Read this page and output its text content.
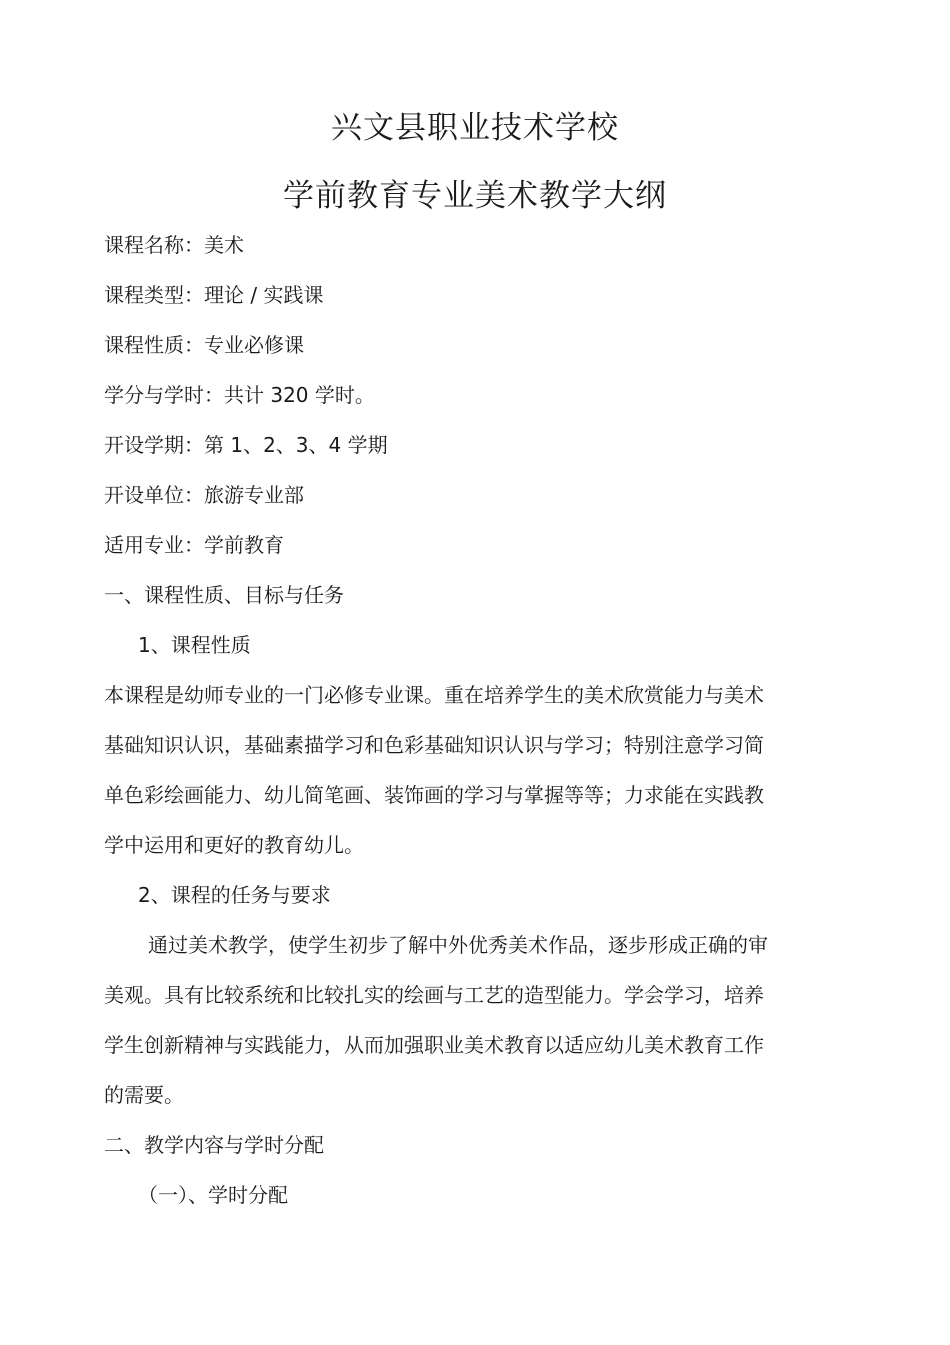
兴文县职业技术学校
学前教育专业美术教学大纲
课程名称：美术
课程类型：理论 / 实践课
课程性质：专业必修课
学分与学时：共计 320 学时。
开设学期：第 1、2、3、4 学期
开设单位：旅游专业部
适用专业：学前教育
一、课程性质、目标与任务
1、课程性质
本课程是幼师专业的一门必修专业课。重在培养学生的美术欣赏能力与美术
基础知识认识，基础素描学习和色彩基础知识认识与学习；特别注意学习简
单色彩绘画能力、幼儿简笔画、装饰画的学习与掌握等等；力求能在实践教
学中运用和更好的教育幼儿。
2、课程的任务与要求
通过美术教学，使学生初步了解中外优秀美术作品，逐步形成正确的审
美观。具有比较系统和比较扎实的绘画与工艺的造型能力。学会学习，培养
学生创新精神与实践能力，从而加强职业美术教育以适应幼儿美术教育工作
的需要。
二、教学内容与学时分配
（一）、学时分配
